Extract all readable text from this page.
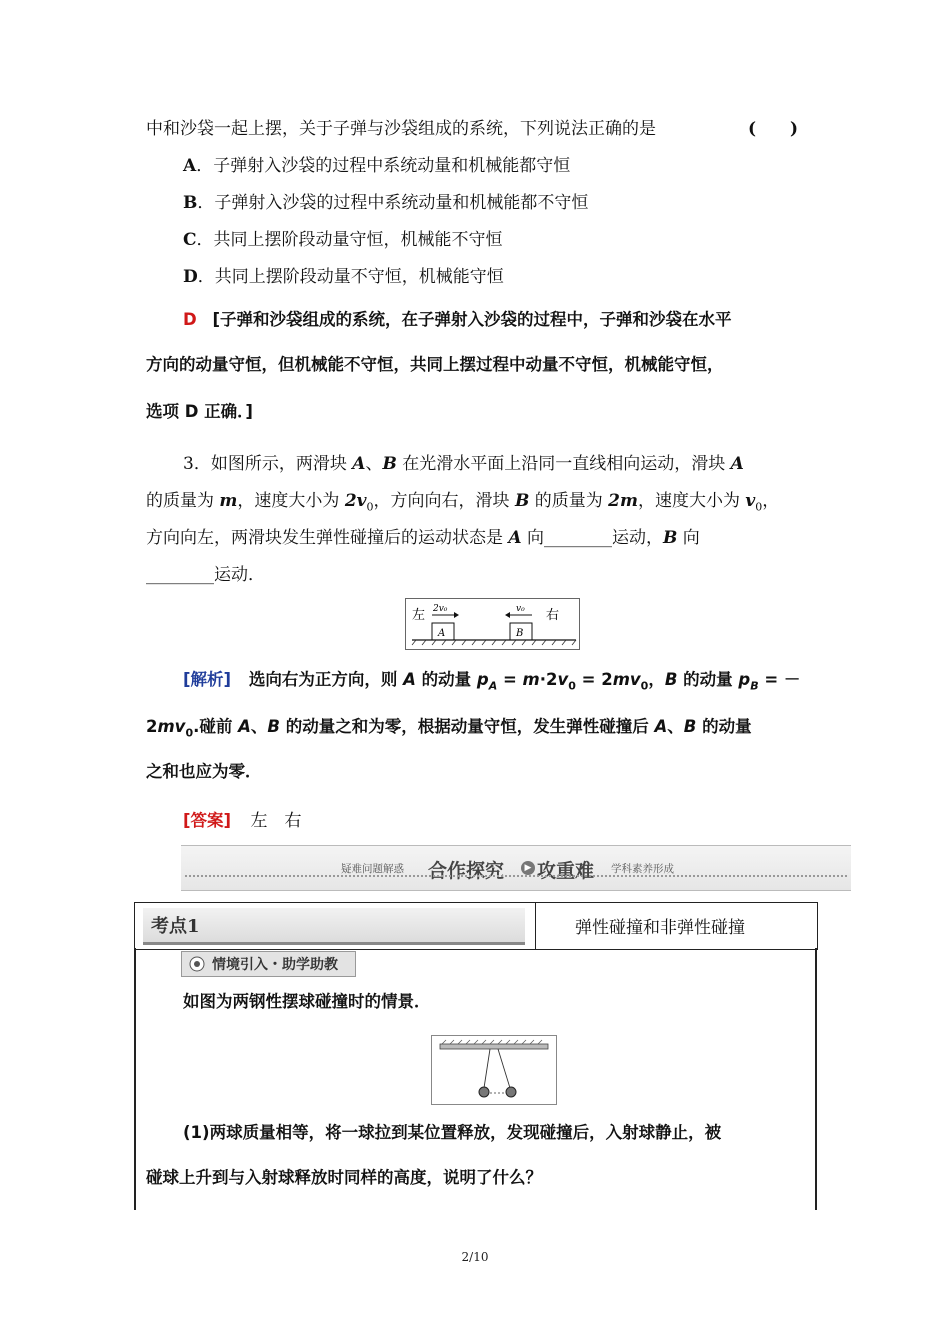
中和沙袋一起上摆，关于子弹与沙袋组成的系统，下列说法正确的是	(　　)
A．子弹射入沙袋的过程中系统动量和机械能都守恒
B．子弹射入沙袋的过程中系统动量和机械能都不守恒
C．共同上摆阶段动量守恒，机械能不守恒
D．共同上摆阶段动量不守恒，机械能守恒
D [子弹和沙袋组成的系统，在子弹射入沙袋的过程中，子弹和沙袋在水平
方向的动量守恒，但机械能不守恒，共同上摆过程中动量不守恒，机械能守恒，
选项 D 正确．]
3．如图所示，两滑块 A、B 在光滑水平面上沿同一直线相向运动，滑块 A
的质量为 m，速度大小为 $2v_0$，方向向右，滑块 B 的质量为 2m，速度大小为 $v_0$，
方向向左，两滑块发生弹性碰撞后的运动状态是 A 向________运动，B 向
________运动．
左	右
2v₀	v₀
A	B
[解析] 选向右为正方向，则 A 的动量 $p_A = m\cdot 2v_0 = 2mv_0$，B 的动量 $p_B$ = －
$2mv_0$.碰前 A、B 的动量之和为零，根据动量守恒，发生弹性碰撞后 A、B 的动量
之和也应为零．
[答案] 左　右
疑难问题解惑 合作探究	▶ 攻重难 学科素养形成
考点1	弹性碰撞和非弹性碰撞
情境引入・助学助教
如图为两钢性摆球碰撞时的情景．
(1)两球质量相等，将一球拉到某位置释放，发现碰撞后，入射球静止，被
碰球上升到与入射球释放时同样的高度，说明了什么？
2/10
